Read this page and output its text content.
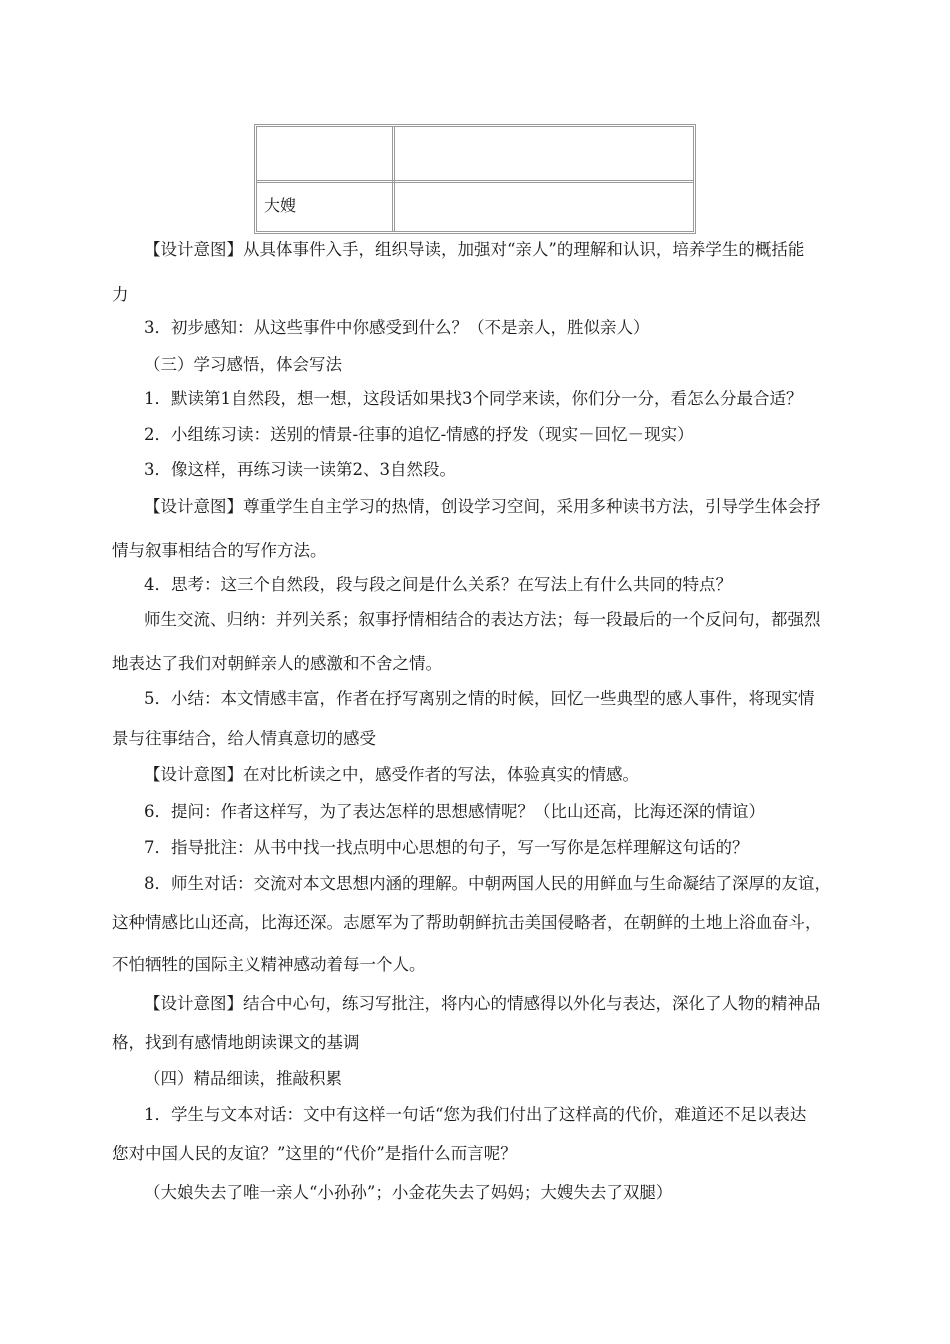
大嫂
【设计意图】从具体事件入手，组织导读，加强对“亲人”的理解和认识，培养学生的概括能
力
3．初步感知：从这些事件中你感受到什么？（不是亲人，胜似亲人）
（三）学习感悟，体会写法
1．默读第1自然段，想一想，这段话如果找3个同学来读，你们分一分，看怎么分最合适？
2．小组练习读：送别的情景-往事的追忆-情感的抒发（现实－回忆－现实）
3．像这样，再练习读一读第2、3自然段。
【设计意图】尊重学生自主学习的热情，创设学习空间，采用多种读书方法，引导学生体会抒
情与叙事相结合的写作方法。
4．思考：这三个自然段，段与段之间是什么关系？在写法上有什么共同的特点？
师生交流、归纳：并列关系；叙事抒情相结合的表达方法；每一段最后的一个反问句，都强烈
地表达了我们对朝鲜亲人的感激和不舍之情。
5．小结：本文情感丰富，作者在抒写离别之情的时候，回忆一些典型的感人事件，将现实情
景与往事结合，给人情真意切的感受
【设计意图】在对比析读之中，感受作者的写法，体验真实的情感。
6．提问：作者这样写，为了表达怎样的思想感情呢？（比山还高，比海还深的情谊）
7．指导批注：从书中找一找点明中心思想的句子，写一写你是怎样理解这句话的？
8．师生对话：交流对本文思想内涵的理解。中朝两国人民的用鲜血与生命凝结了深厚的友谊，
这种情感比山还高，比海还深。志愿军为了帮助朝鲜抗击美国侵略者，在朝鲜的土地上浴血奋斗，
不怕牺牲的国际主义精神感动着每一个人。
【设计意图】结合中心句，练习写批注，将内心的情感得以外化与表达，深化了人物的精神品
格，找到有感情地朗读课文的基调
（四）精品细读，推敲积累
1．学生与文本对话：文中有这样一句话“您为我们付出了这样高的代价，难道还不足以表达
您对中国人民的友谊？”这里的“代价”是指什么而言呢？
（大娘失去了唯一亲人“小孙孙”；小金花失去了妈妈；大嫂失去了双腿）
